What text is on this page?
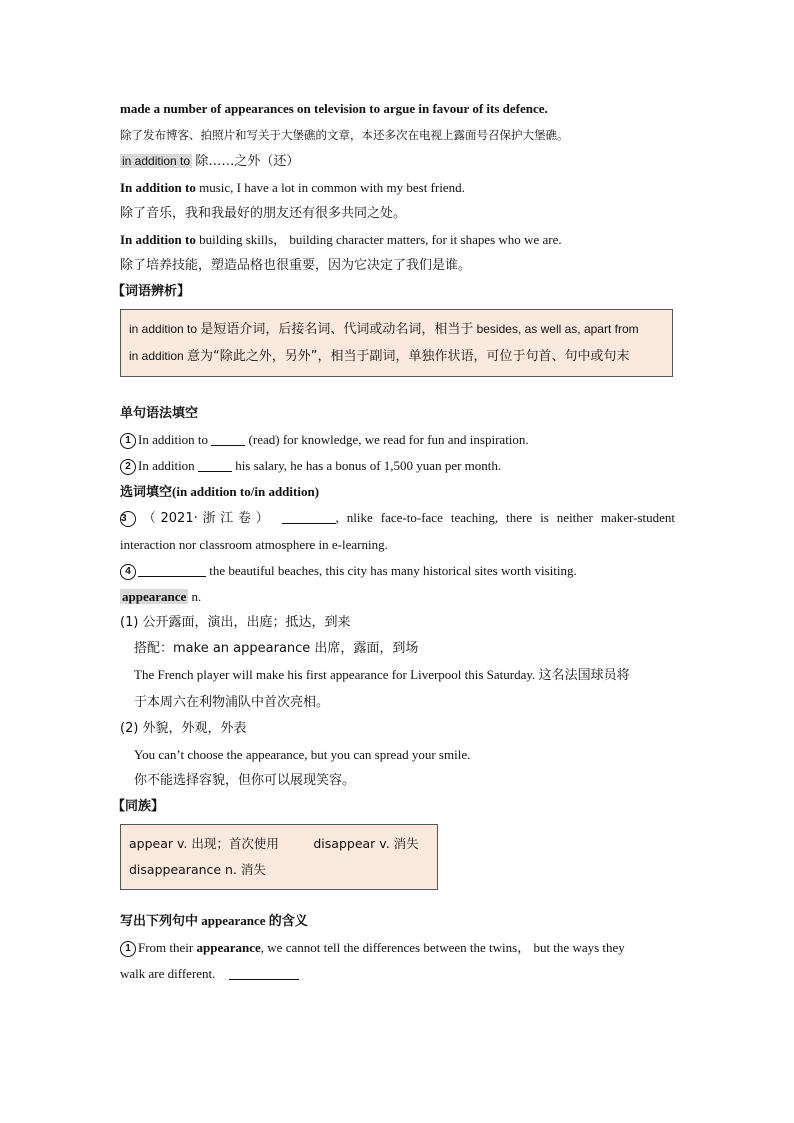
made a number of appearances on television to argue in favour of its defence.
除了发布博客、拍照片和写关于大堡礁的文章，本还多次在电视上露面号召保护大堡礁。
in addition to 除……之外（还）
In addition to music, I have a lot in common with my best friend.
除了音乐，我和我最好的朋友还有很多共同之处。
In addition to building skills， building character matters, for it shapes who we are.
除了培养技能，塑造品格也很重要，因为它决定了我们是谁。
【词语辨析】

in addition to 是短语介词，后接名词、代词或动名词，相当于 besides, as well as, apart from

in addition 意为“除此之外，另外”，相当于副词，单独作状语，可位于句首、句中或句末

单句语法填空
1 In addition to	(read) for knowledge, we read for fun and inspiration.
2 In addition	his salary, he has a bonus of 1,500 yuan per month.
选词填空(in addition to/in addition)
3 （2021·浙江卷）	, nlike face-to-face teaching, there is neither maker-student
interaction nor classroom atmosphere in e-learning.
4	the beautiful beaches, this city has many historical sites worth visiting.
appearance n.
(1) 公开露面，演出，出庭；抵达，到来
搭配：make an appearance 出席，露面，到场
The French player will make his first appearance for Liverpool this Saturday. 这名法国球员将
于本周六在利物浦队中首次亮相。
(2) 外貌，外观，外表
You can’t choose the appearance, but you can spread your smile.
你不能选择容貌，但你可以展现笑容。
【同族】

appear v. 出现；首次使用	disappear v. 消失

disappearance n. 消失

写出下列句中 appearance 的含义
1 From their appearance, we cannot tell the differences between the twins， but the ways they
walk are different.
